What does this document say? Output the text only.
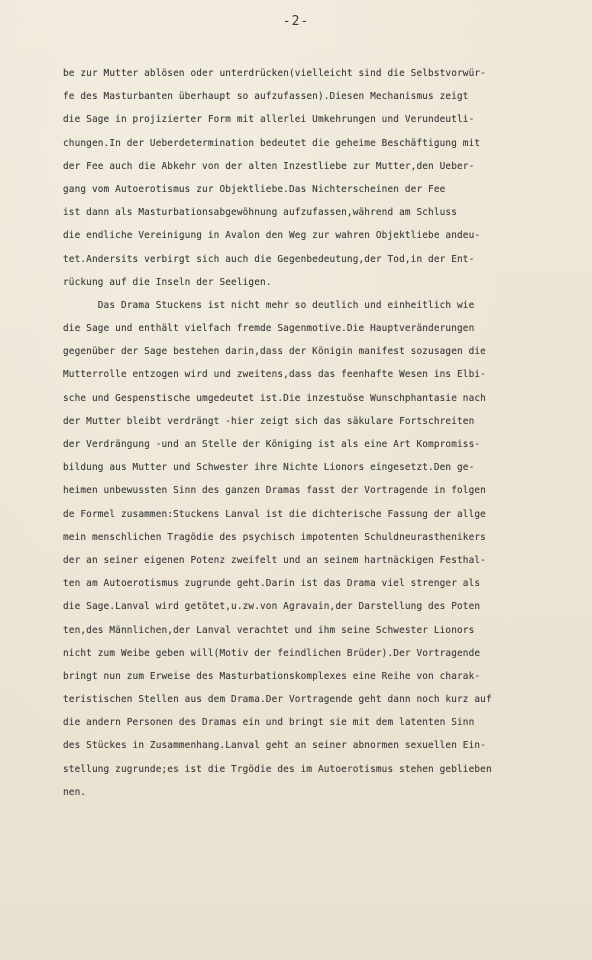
-2-
be zur Mutter ablösen oder unterdrücken(vielleicht sind die Selbstvorwür-
fe des Masturbanten überhaupt so aufzufassen).Diesen Mechanismus zeigt
die Sage in projizierter Form mit allerlei Umkehrungen und Verundeutli-
chungen.In der Ueberdetermination bedeutet die geheime Beschäftigung mit
der Fee auch die Abkehr von der alten Inzestliebe zur Mutter,den Ueber-
gang vom Autoerotismus zur Objektliebe.Das Nichterscheinen der Fee
ist dann als Masturbationsabgewöhnung aufzufassen,während am Schluss
die endliche Vereinigung in Avalon den Weg zur wahren Objektliebe andeu-
tet.Andersits verbirgt sich auch die Gegenbedeutung,der Tod,in der Ent-
rückung auf die Inseln der Seeligen.
Das Drama Stuckens ist nicht mehr so deutlich und einheitlich wie
die Sage und enthält vielfach fremde Sagenmotive.Die Hauptveränderungen
gegenüber der Sage bestehen darin,dass der Königin manifest sozusagen die
Mutterrolle entzogen wird und zweitens,dass das feenhafte Wesen ins Elbi-
sche und Gespenstische umgedeutet ist.Die inzestuöse Wunschphantasie nach
der Mutter bleibt verdrängt -hier zeigt sich das säkulare Fortschreiten
der Verdrängung -und an Stelle der Königing ist als eine Art Kompromiss-
bildung aus Mutter und Schwester ihre Nichte Lionors eingesetzt.Den ge-
heimen unbewussten Sinn des ganzen Dramas fasst der Vortragende in folgen
de Formel zusammen:Stuckens Lanval ist die dichterische Fassung der allge
mein menschlichen Tragödie des psychisch impotenten Schuldneurasthenikers
der an seiner eigenen Potenz zweifelt und an seinem hartnäckigen Festhal-
ten am Autoerotismus zugrunde geht.Darin ist das Drama viel strenger als
die Sage.Lanval wird getötet,u.zw.von Agravain,der Darstellung des Poten
ten,des Männlichen,der Lanval verachtet und ihm seine Schwester Lionors
nicht zum Weibe geben will(Motiv der feindlichen Brüder).Der Vortragende
bringt nun zum Erweise des Masturbationskomplexes eine Reihe von charak-
teristischen Stellen aus dem Drama.Der Vortragende geht dann noch kurz auf
die andern Personen des Dramas ein und bringt sie mit dem latenten Sinn
des Stückes in Zusammenhang.Lanval geht an seiner abnormen sexuellen Ein-
stellung zugrunde;es ist die Trgödie des im Autoerotismus stehen geblieben
nen.
